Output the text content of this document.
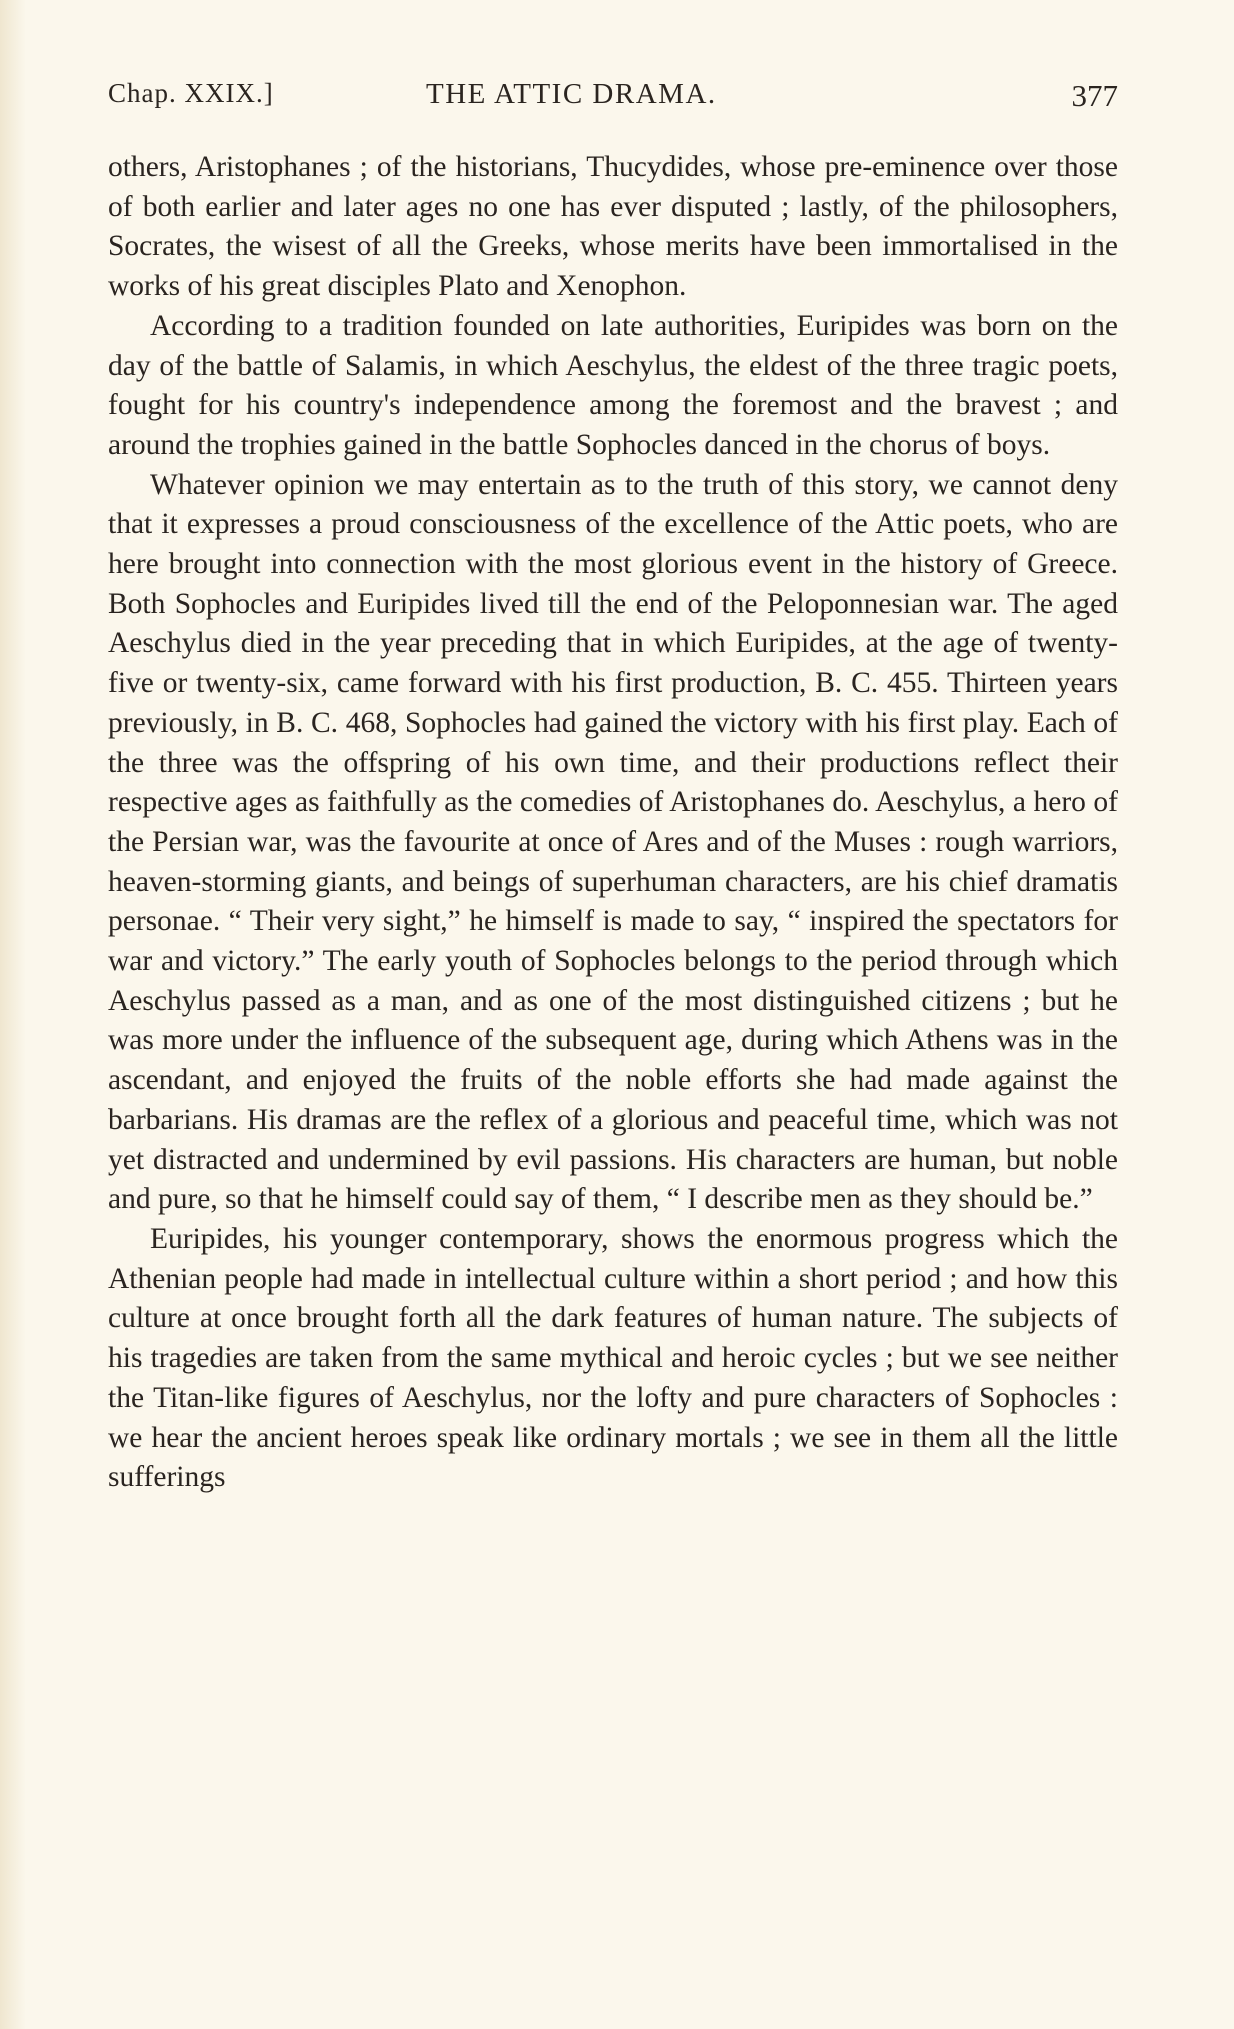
Chap. XXIX.]	THE ATTIC DRAMA.	377

others, Aristophanes ; of the historians, Thucydides, whose pre-eminence over those of both earlier and later ages no one has ever disputed ; lastly, of the philosophers, Socrates, the wisest of all the Greeks, whose merits have been immortalised in the works of his great disciples Plato and Xenophon.

According to a tradition founded on late authorities, Euripides was born on the day of the battle of Salamis, in which Aeschylus, the eldest of the three tragic poets, fought for his country's independence among the foremost and the bravest ; and around the trophies gained in the battle Sophocles danced in the chorus of boys.

Whatever opinion we may entertain as to the truth of this story, we cannot deny that it expresses a proud consciousness of the excellence of the Attic poets, who are here brought into connection with the most glorious event in the history of Greece. Both Sophocles and Euripides lived till the end of the Peloponnesian war. The aged Aeschylus died in the year preceding that in which Euripides, at the age of twenty-five or twenty-six, came forward with his first production, B. C. 455. Thirteen years previously, in B. C. 468, Sophocles had gained the victory with his first play. Each of the three was the offspring of his own time, and their productions reflect their respective ages as faithfully as the comedies of Aristophanes do. Aeschylus, a hero of the Persian war, was the favourite at once of Ares and of the Muses : rough warriors, heaven-storming giants, and beings of superhuman characters, are his chief dramatis personae. “ Their very sight,” he himself is made to say, “ inspired the spectators for war and victory.” The early youth of Sophocles belongs to the period through which Aeschylus passed as a man, and as one of the most distinguished citizens ; but he was more under the influence of the subsequent age, during which Athens was in the ascendant, and enjoyed the fruits of the noble efforts she had made against the barbarians. His dramas are the reflex of a glorious and peaceful time, which was not yet distracted and undermined by evil passions. His characters are human, but noble and pure, so that he himself could say of them, “ I describe men as they should be.”

Euripides, his younger contemporary, shows the enormous progress which the Athenian people had made in intellectual culture within a short period ; and how this culture at once brought forth all the dark features of human nature. The subjects of his tragedies are taken from the same mythical and heroic cycles ; but we see neither the Titan-like figures of Aeschylus, nor the lofty and pure characters of Sophocles : we hear the ancient heroes speak like ordinary mortals ; we see in them all the little sufferings
